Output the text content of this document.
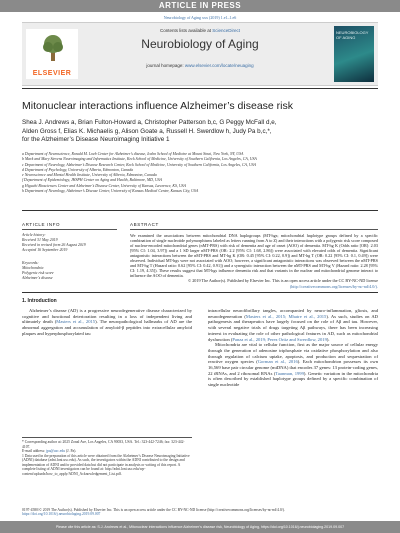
ARTICLE IN PRESS
Neurobiology of Aging xxx (2019) 1.e1–1.e6
ELSEVIER
Contents lists available at ScienceDirect
Neurobiology of Aging
journal homepage: www.elsevier.com/locate/neuaging
NEUROBIOLOGY OF AGING
Mitonuclear interactions influence Alzheimer’s disease risk
Shea J. Andrews a, Brian Fulton-Howard a, Christopher Patterson b,c, G Peggy McFall d,e,
Alden Gross f, Elias K. Michaelis g, Alison Goate a, Russell H. Swerdlow h, Judy Pa b,c,*,
for the Alzheimer’s Disease Neuroimaging Initiative 1
a Department of Neuroscience, Ronald M. Loeb Center for Alzheimer’s disease, Icahn School of Medicine at Mount Sinai, New York, NY, USA
b Mark and Mary Stevens Neuroimaging and Informatics Institute, Keck School of Medicine, University of Southern California, Los Angeles, CA, USA
c Department of Neurology, Alzheimer’s Disease Research Center, Keck School of Medicine, University of Southern California, Los Angeles, CA, USA
d Department of Psychology, University of Alberta, Edmonton, Canada
e Neuroscience and Mental Health Institute, University of Alberta, Edmonton, Canada
f Department of Epidemiology, JHSPH Center on Aging and Health, Baltimore, MD, USA
g Higuchi Biosciences Center and Alzheimer’s Disease Center, University of Kansas, Lawrence, KS, USA
h Department of Neurology, Alzheimer’s Disease Center, University of Kansas Medical Center, Kansas City, USA
ARTICLE INFO
Article history:
Received 31 May 2019
Received in revised form 26 August 2019
Accepted 16 September 2019
Keywords:
Mitochondria
Polygenic risk score
Alzheimer’s disease
ABSTRACT
We examined the associations between mitochondrial DNA haplogroups (MT-hgs; mitochondrial haplotype groups defined by a specific combination of single nucleotide polymorphisms labeled as letters running from A to Z) and their interactions with a polygenic risk score composed of nuclear-encoded mitochondrial genes (nMT-PRS) with risk of dementia and age of onset (AOO) of dementia. MT-hg K (Odds ratio [OR]: 2.03 [95% CI: 1.04, 3.97]) and a 1 SD larger nMT-PRS (OR: 2.2 [95% CI: 1.68, 2.86]) were associated with elevated odds of dementia. Significant antagonistic interactions between the nMT-PRS and MT-hg K (OR: 0.45 [95% CI: 0.22, 0.9]) and MT-hg T (OR: 0.22 [95% CI: 0.1, 0.49]) were observed. Individual MT-hgs were not associated with AOO; however, a significant antagonistic interactions was observed between the nMT-PRS and MT-hg T (Hazard ratio: 0.62 [95% CI: 0.42, 0.91]) and a synergistic interaction between the nMT-PRS and MT-hg V (Hazard ratio: 2.28 [95% CI: 1.19, 4.35]). These results suggest that MT-hgs influence dementia risk and that variants in the nuclear and mitochondrial genome interact to influence the AOO of dementia.
© 2019 The Author(s). Published by Elsevier Inc. This is an open access article under the CC BY-NC-ND license (http://creativecommons.org/licenses/by-nc-nd/4.0/).
1. Introduction

Alzheimer’s disease (AD) is a progressive neurodegenerative disease characterized by cognitive and functional deterioration resulting in a loss of independent living and ultimately death (Masters et al., 2015). The neuropathological hallmarks of AD are the abnormal aggregation and accumulation of amyloid-β peptides into extracellular amyloid plaques and hyperphosphorylated tau

intracellular neurofibrillary tangles, accompanied by neuro-inflammation, gliosis, and neurodegeneration (Masters et al., 2015; Mhatre et al., 2015). As such, studies on AD pathogenesis and therapeutics have largely focused on the role of Aβ and tau. However, with several negative trials of drugs targeting Aβ pathways, there has been increasing interest in evaluating the role of other pathological features in AD, such as mitochondrial dysfunction (Panza et al., 2019; Perez Ortiz and Swerdlow, 2019).

Mitochondria are vital to cellular function, first as the major source of cellular energy through the generation of adenosine triphosphate via oxidative phosphorylation and also through regulation of calcium uptake, apoptosis, and production and sequestration of reactive oxygen species (Gorman et al., 2016). Each mitochondrion possesses its own 16,569 base pair circular genome (mtDNA) that encodes 37 genes: 13 protein-coding genes, 22 tRNAs, and 2 ribosomal RNAs (Taanman, 1999). Genetic variation in the mitochondria is often described by established haplotype groups defined by a specific combination of single nucleotide

* Corresponding author at: 2025 Zonal Ave, Los Angeles, CA 90033, USA. Tel.: 323-442-7246; fax: 323-442-4107.
E-mail address: jpa@usc.edu (J. Pa).
1 Data used in the preparation of this article were obtained from the Alzheimer’s Disease Neuroimaging Initiative (ADNI) database (adni.loni.usc.edu). As such, the investigators within the ADNI contributed to the design and implementation of ADNI and/or provided data but did not participate in analysis or writing of this report. A complete listing of ADNI investigators can be found at: http://adni.loni.usc.edu/wp-content/uploads/how_to_apply/ADNI_Acknowledgement_List.pdf.
0197-4580/© 2019 The Author(s). Published by Elsevier Inc. This is an open access article under the CC BY-NC-ND license (http://creativecommons.org/licenses/by-nc-nd/4.0/).
https://doi.org/10.1016/j.neurobiolaging.2019.09.007
Please cite this article as: S.J. Andrews et al., Mitonuclear interactions influence Alzheimer’s disease risk, Neurobiology of Aging, https://doi.org/10.1016/j.neurobiolaging.2019.09.007
